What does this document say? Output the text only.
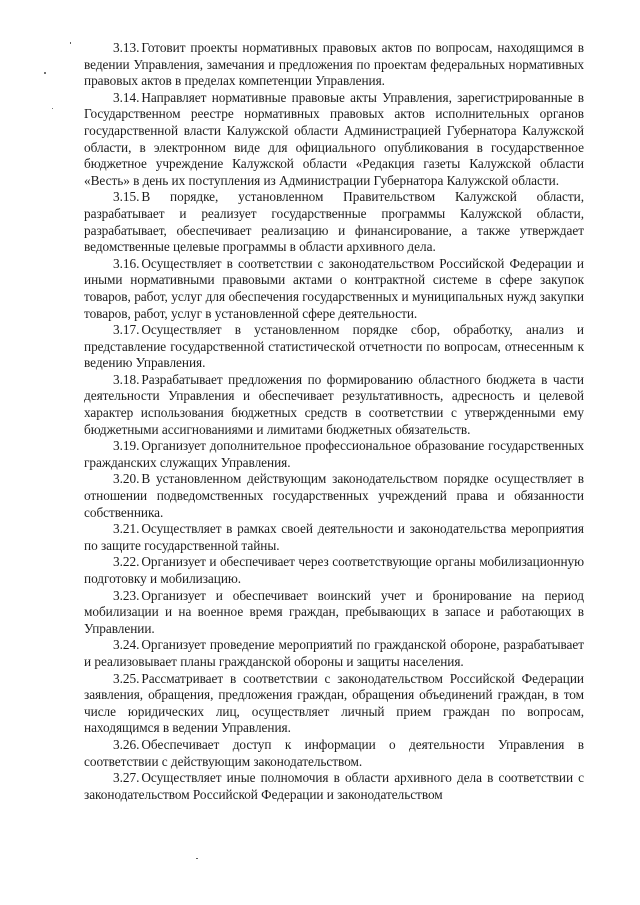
3.13. Готовит проекты нормативных правовых актов по вопросам, находящимся в ведении Управления, замечания и предложения по проектам федеральных нормативных правовых актов в пределах компетенции Управления.

3.14. Направляет нормативные правовые акты Управления, зарегистрированные в Государственном реестре нормативных правовых актов исполнительных органов государственной власти Калужской области Администрацией Губернатора Калужской области, в электронном виде для официального опубликования в государственное бюджетное учреждение Калужской области «Редакция газеты Калужской области «Весть» в день их поступления из Администрации Губернатора Калужской области.

3.15. В порядке, установленном Правительством Калужской области, разрабатывает и реализует государственные программы Калужской области, разрабатывает, обеспечивает реализацию и финансирование, а также утверждает ведомственные целевые программы в области архивного дела.

3.16. Осуществляет в соответствии с законодательством Российской Федерации и иными нормативными правовыми актами о контрактной системе в сфере закупок товаров, работ, услуг для обеспечения государственных и муниципальных нужд закупки товаров, работ, услуг в установленной сфере деятельности.

3.17. Осуществляет в установленном порядке сбор, обработку, анализ и представление государственной статистической отчетности по вопросам, отнесенным к ведению Управления.

3.18. Разрабатывает предложения по формированию областного бюджета в части деятельности Управления и обеспечивает результативность, адресность и целевой характер использования бюджетных средств в соответствии с утвержденными ему бюджетными ассигнованиями и лимитами бюджетных обязательств.

3.19. Организует дополнительное профессиональное образование государственных гражданских служащих Управления.

3.20. В установленном действующим законодательством порядке осуществляет в отношении подведомственных государственных учреждений права и обязанности собственника.

3.21. Осуществляет в рамках своей деятельности и законодательства мероприятия по защите государственной тайны.

3.22. Организует и обеспечивает через соответствующие органы мобилизационную подготовку и мобилизацию.

3.23. Организует и обеспечивает воинский учет и бронирование на период мобилизации и на военное время граждан, пребывающих в запасе и работающих в Управлении.

3.24. Организует проведение мероприятий по гражданской обороне, разрабатывает и реализовывает планы гражданской обороны и защиты населения.

3.25. Рассматривает в соответствии с законодательством Российской Федерации заявления, обращения, предложения граждан, обращения объединений граждан, в том числе юридических лиц, осуществляет личный прием граждан по вопросам, находящимся в ведении Управления.

3.26. Обеспечивает доступ к информации о деятельности Управления в соответствии с действующим законодательством.

3.27. Осуществляет иные полномочия в области архивного дела в соответствии с законодательством Российской Федерации и законодательством
